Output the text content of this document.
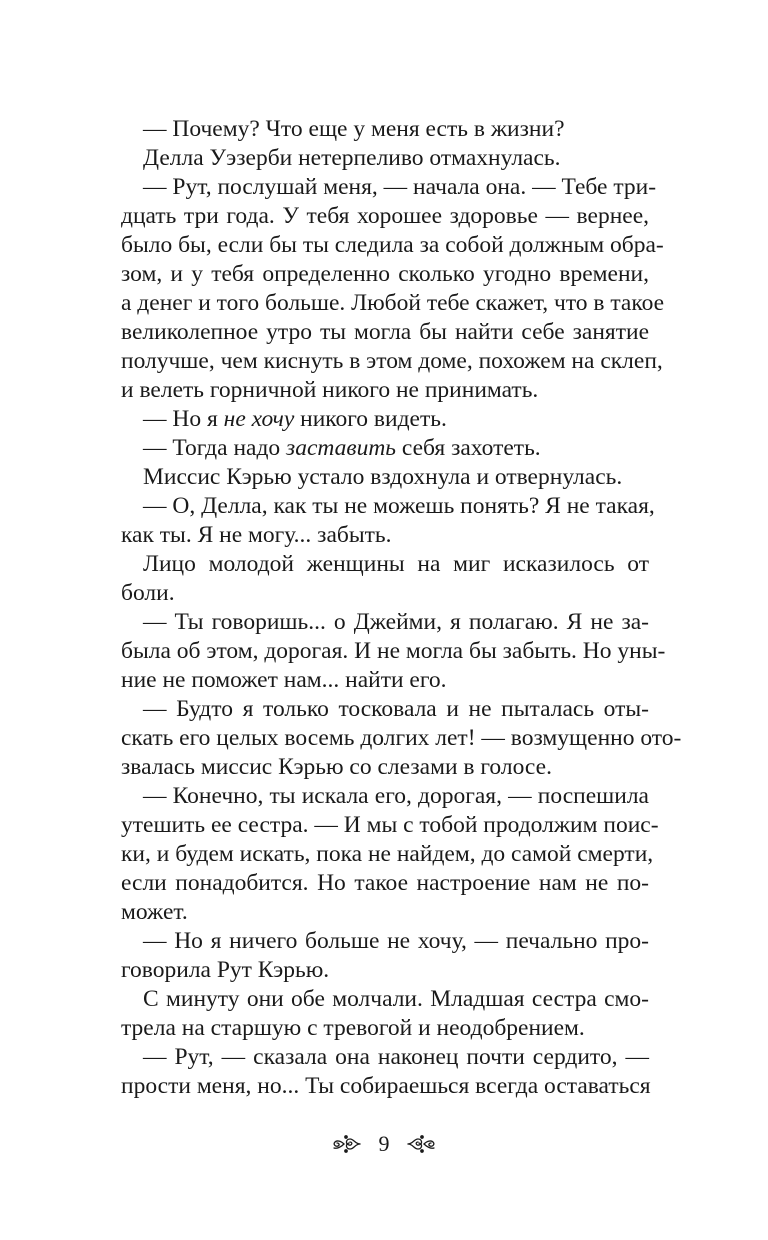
— Почему? Что еще у меня есть в жизни?
Делла Уэзерби нетерпеливо отмахнулась.
— Рут, послушай меня, — начала она. — Тебе три-
дцать три года. У тебя хорошее здоровье — вернее,
было бы, если бы ты следила за собой должным обра-
зом, и у тебя определенно сколько угодно времени,
а денег и того больше. Любой тебе скажет, что в такое
великолепное утро ты могла бы найти себе занятие
получше, чем киснуть в этом доме, похожем на склеп,
и велеть горничной никого не принимать.
— Но я не хочу никого видеть.
— Тогда надо заставить себя захотеть.
Миссис Кэрью устало вздохнула и отвернулась.
— О, Делла, как ты не можешь понять? Я не такая,
как ты. Я не могу... забыть.
Лицо молодой женщины на миг исказилось от
боли.
— Ты говоришь... о Джейми, я полагаю. Я не за-
была об этом, дорогая. И не могла бы забыть. Но уны-
ние не поможет нам... найти его.
— Будто я только тосковала и не пыталась оты-
скать его целых восемь долгих лет! — возмущенно ото-
звалась миссис Кэрью со слезами в голосе.
— Конечно, ты искала его, дорогая, — поспешила
утешить ее сестра. — И мы с тобой продолжим поис-
ки, и будем искать, пока не найдем, до самой смерти,
если понадобится. Но такое настроение нам не по-
может.
— Но я ничего больше не хочу, — печально про-
говорила Рут Кэрью.
С минуту они обе молчали. Младшая сестра смо-
трела на старшую с тревогой и неодобрением.
— Рут, — сказала она наконец почти сердито, —
прости меня, но... Ты собираешься всегда оставаться
9
